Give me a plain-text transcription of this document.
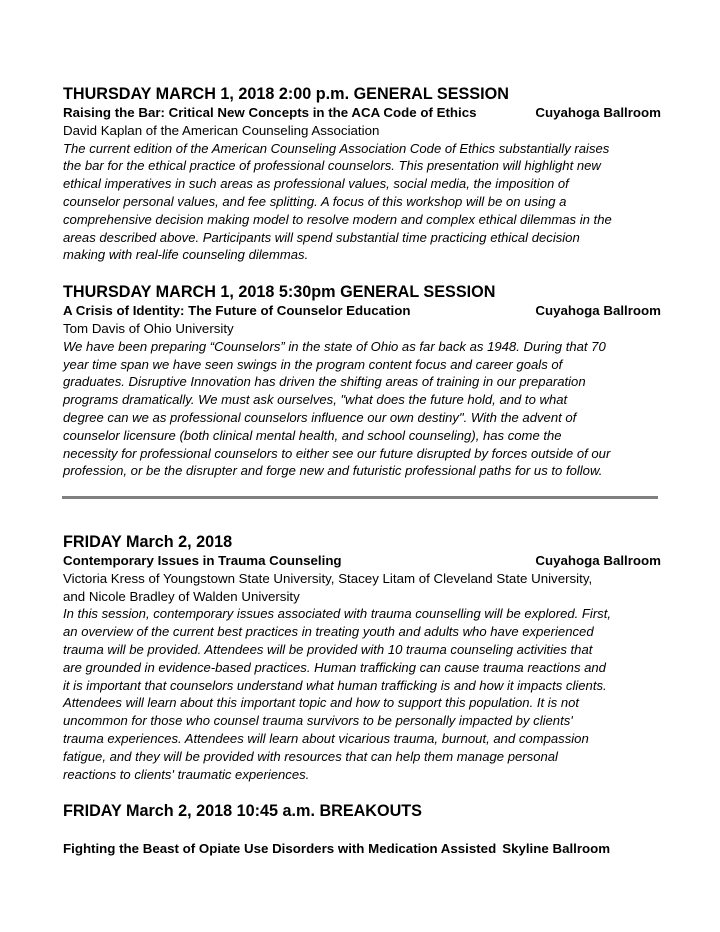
THURSDAY MARCH 1, 2018 2:00 p.m. GENERAL SESSION
Raising the Bar: Critical New Concepts in the ACA Code of Ethics	Cuyahoga Ballroom
David Kaplan of the American Counseling Association

The current edition of the American Counseling Association Code of Ethics substantially raises
the bar for the ethical practice of professional counselors. This presentation will highlight new
ethical imperatives in such areas as professional values, social media, the imposition of
counselor personal values, and fee splitting. A focus of this workshop will be on using a
comprehensive decision making model to resolve modern and complex ethical dilemmas in the
areas described above. Participants will spend substantial time practicing ethical decision
making with real-life counseling dilemmas.

THURSDAY MARCH 1, 2018 5:30pm GENERAL SESSION
A Crisis of Identity: The Future of Counselor Education	Cuyahoga Ballroom
Tom Davis of Ohio University

We have been preparing “Counselors” in the state of Ohio as far back as 1948. During that 70
year time span we have seen swings in the program content focus and career goals of
graduates. Disruptive Innovation has driven the shifting areas of training in our preparation
programs dramatically. We must ask ourselves, "what does the future hold, and to what
degree can we as professional counselors influence our own destiny". With the advent of
counselor licensure (both clinical mental health, and school counseling), has come the
necessity for professional counselors to either see our future disrupted by forces outside of our
profession, or be the disrupter and forge new and futuristic professional paths for us to follow.

FRIDAY March 2, 2018
Contemporary Issues in Trauma Counseling	Cuyahoga Ballroom
Victoria Kress of Youngstown State University, Stacey Litam of Cleveland State University,
and Nicole Bradley of Walden University

In this session, contemporary issues associated with trauma counselling will be explored. First,
an overview of the current best practices in treating youth and adults who have experienced
trauma will be provided. Attendees will be provided with 10 trauma counseling activities that
are grounded in evidence-based practices. Human trafficking can cause trauma reactions and
it is important that counselors understand what human trafficking is and how it impacts clients.
Attendees will learn about this important topic and how to support this population. It is not
uncommon for those who counsel trauma survivors to be personally impacted by clients'
trauma experiences. Attendees will learn about vicarious trauma, burnout, and compassion
fatigue, and they will be provided with resources that can help them manage personal
reactions to clients' traumatic experiences.

FRIDAY March 2, 2018 10:45 a.m. BREAKOUTS
Fighting the Beast of Opiate Use Disorders with Medication Assisted Skyline Ballroom
